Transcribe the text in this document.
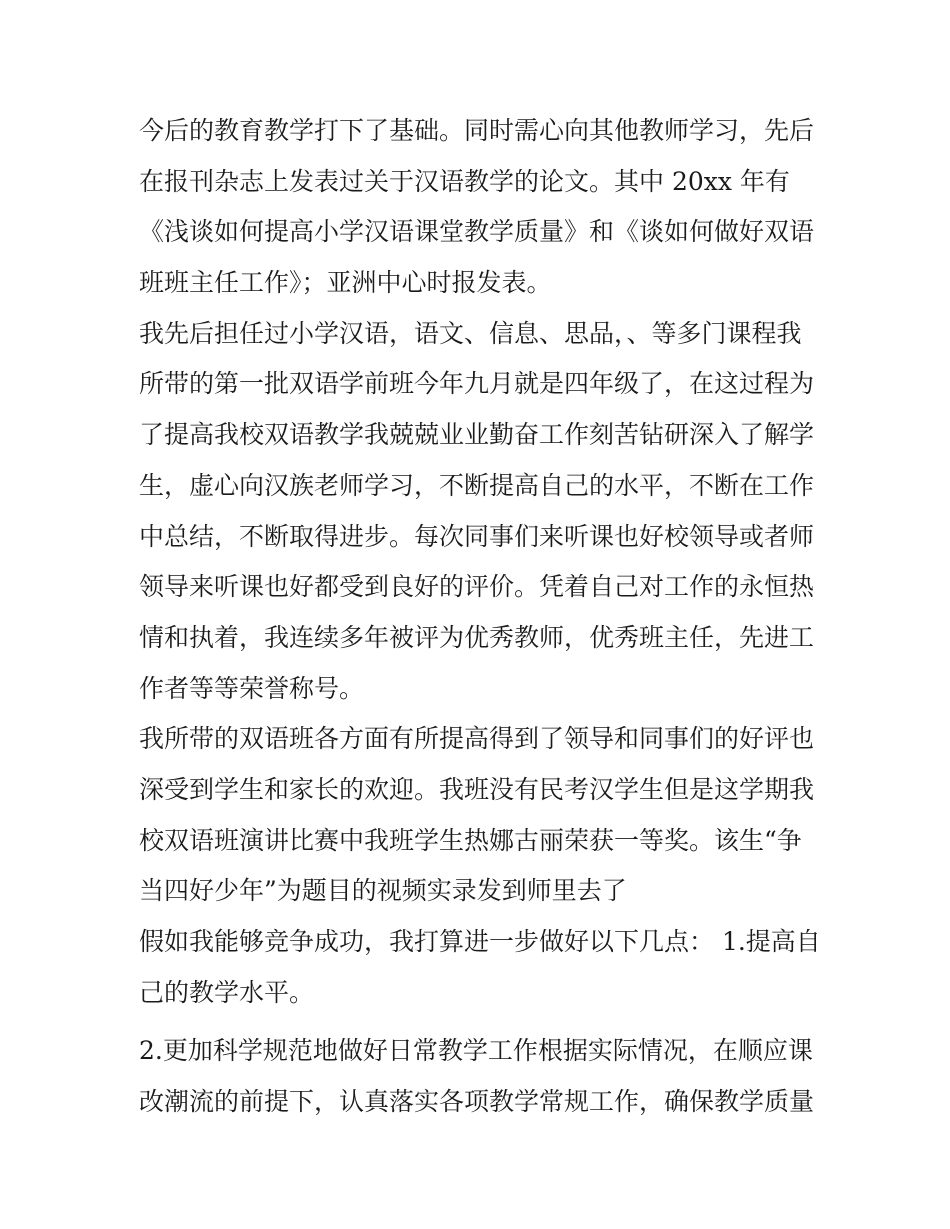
今后的教育教学打下了基础。同时需心向其他教师学习，先后
在报刊杂志上发表过关于汉语教学的论文。其中 20xx 年有
《浅谈如何提高小学汉语课堂教学质量》和《谈如何做好双语
班班主任工作》；亚洲中心时报发表。
我先后担任过小学汉语，语文、信息、思品，、等多门课程我
所带的第一批双语学前班今年九月就是四年级了，在这过程为
了提高我校双语教学我兢兢业业勤奋工作刻苦钻研深入了解学
生，虚心向汉族老师学习，不断提高自己的水平，不断在工作
中总结，不断取得进步。每次同事们来听课也好校领导或者师
领导来听课也好都受到良好的评价。凭着自己对工作的永恒热
情和执着，我连续多年被评为优秀教师，优秀班主任，先进工
作者等等荣誉称号。
我所带的双语班各方面有所提高得到了领导和同事们的好评也
深受到学生和家长的欢迎。我班没有民考汉学生但是这学期我
校双语班演讲比赛中我班学生热娜古丽荣获一等奖。该生“争
当四好少年”为题目的视频实录发到师里去了
假如我能够竞争成功，我打算进一步做好以下几点： 1.提高自
己的教学水平。
2.更加科学规范地做好日常教学工作根据实际情况，在顺应课
改潮流的前提下，认真落实各项教学常规工作，确保教学质量
